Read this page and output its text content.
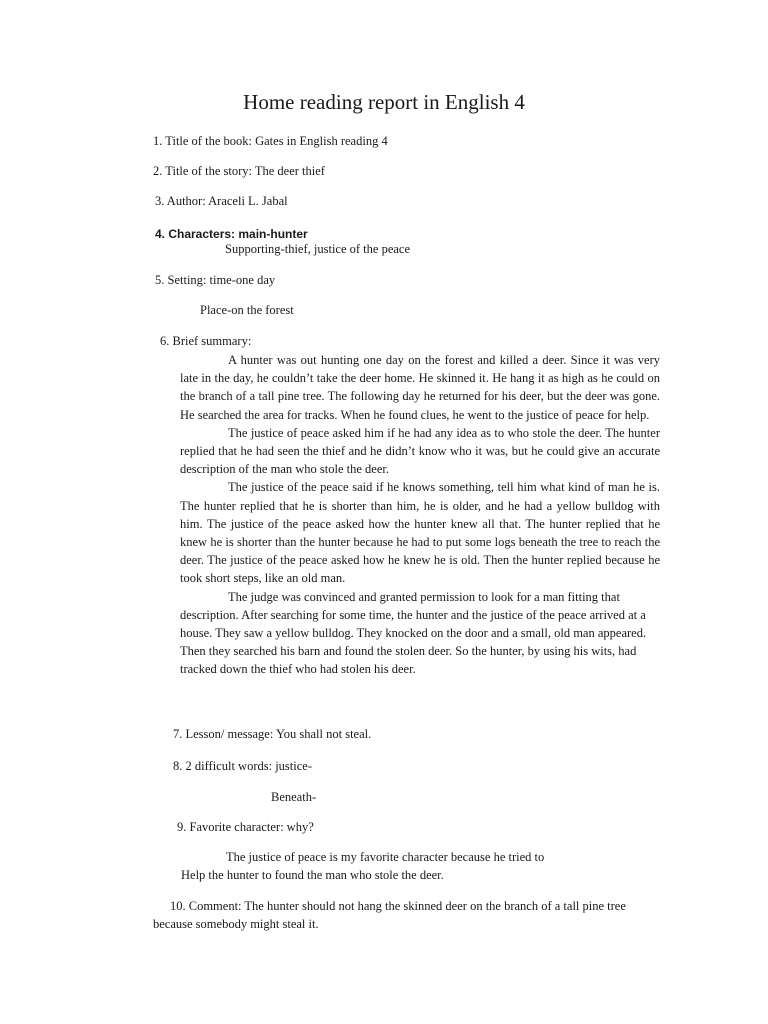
Home reading report in English 4
1. Title of the book: Gates in English reading 4
2. Title of the story: The deer thief
3. Author: Araceli L. Jabal
4. Characters: main-hunter
Supporting-thief, justice of the peace
5. Setting: time-one day
Place-on the forest
6. Brief summary:

A hunter was out hunting one day on the forest and killed a deer. Since it was very late in the day, he couldn’t take the deer home. He skinned it. He hang it as high as he could on the branch of a tall pine tree. The following day he returned for his deer, but the deer was gone. He searched the area for tracks. When he found clues, he went to the justice of peace for help.

The justice of peace asked him if he had any idea as to who stole the deer. The hunter replied that he had seen the thief and he didn’t know who it was, but he could give an accurate description of the man who stole the deer.

The justice of the peace said if he knows something, tell him what kind of man he is. The hunter replied that he is shorter than him, he is older, and he had a yellow bulldog with him. The justice of the peace asked how the hunter knew all that. The hunter replied that he knew he is shorter than the hunter because he had to put some logs beneath the tree to reach the deer. The justice of the peace asked how he knew he is old. Then the hunter replied because he took short steps, like an old man.

The judge was convinced and granted permission to look for a man fitting that description. After searching for some time, the hunter and the justice of the peace arrived at a house. They saw a yellow bulldog. They knocked on the door and a small, old man appeared. Then they searched his barn and found the stolen deer. So the hunter, by using his wits, had tracked down the thief who had stolen his deer.

7. Lesson/ message: You shall not steal.
8. 2 difficult words: justice-
Beneath-
9. Favorite character: why?
The justice of peace is my favorite character because he tried to
Help the hunter to found the man who stole the deer.
10. Comment: The hunter should not hang the skinned deer on the branch of a tall pine tree
because somebody might steal it.
